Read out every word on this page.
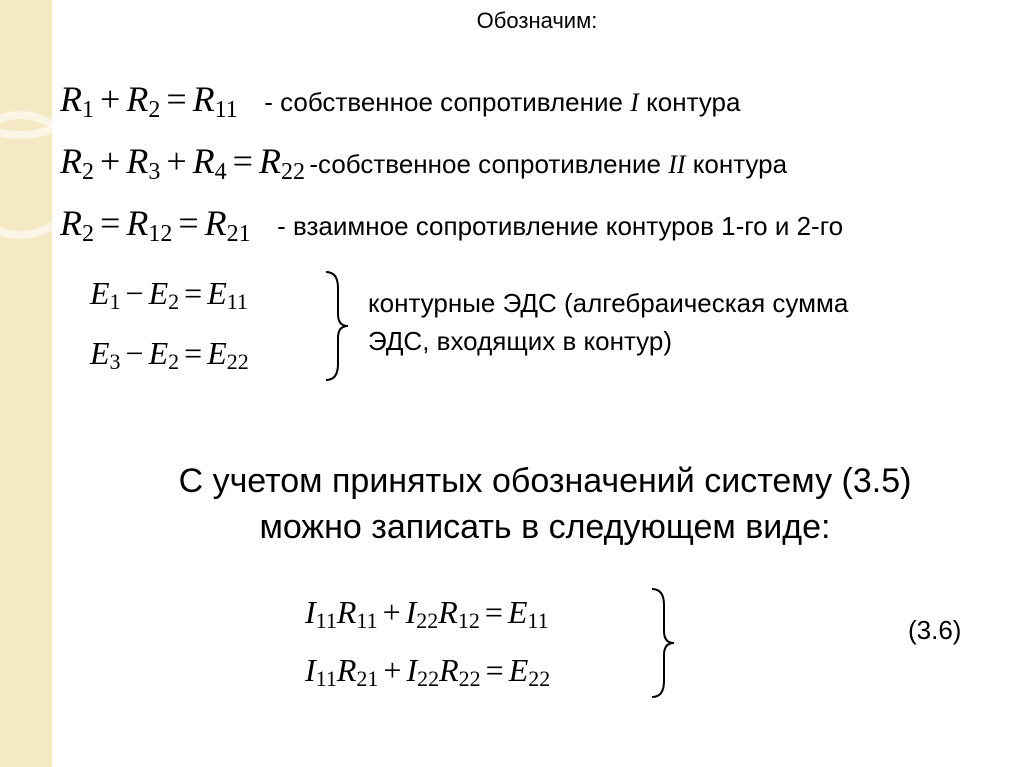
Обозначим:
$R_1 + R_2 = R_{11}$ - собственное сопротивление I контура
$R_2 + R_3 + R_4 = R_{22}$ -собственное сопротивление II контура
$R_2 = R_{12} = R_{21}$ - взаимное сопротивление контуров 1-го и 2-го
$E_1 - E_2 = E_{11}$
$E_3 - E_2 = E_{22}$
контурные ЭДС (алгебраическая сумма
ЭДС, входящих в контур)
С учетом принятых обозначений систему (3.5)
можно записать в следующем виде:
$I_{11}R_{11} + I_{22}R_{12} = E_{11}$
$I_{11}R_{21} + I_{22}R_{22} = E_{22}$
(3.6)
